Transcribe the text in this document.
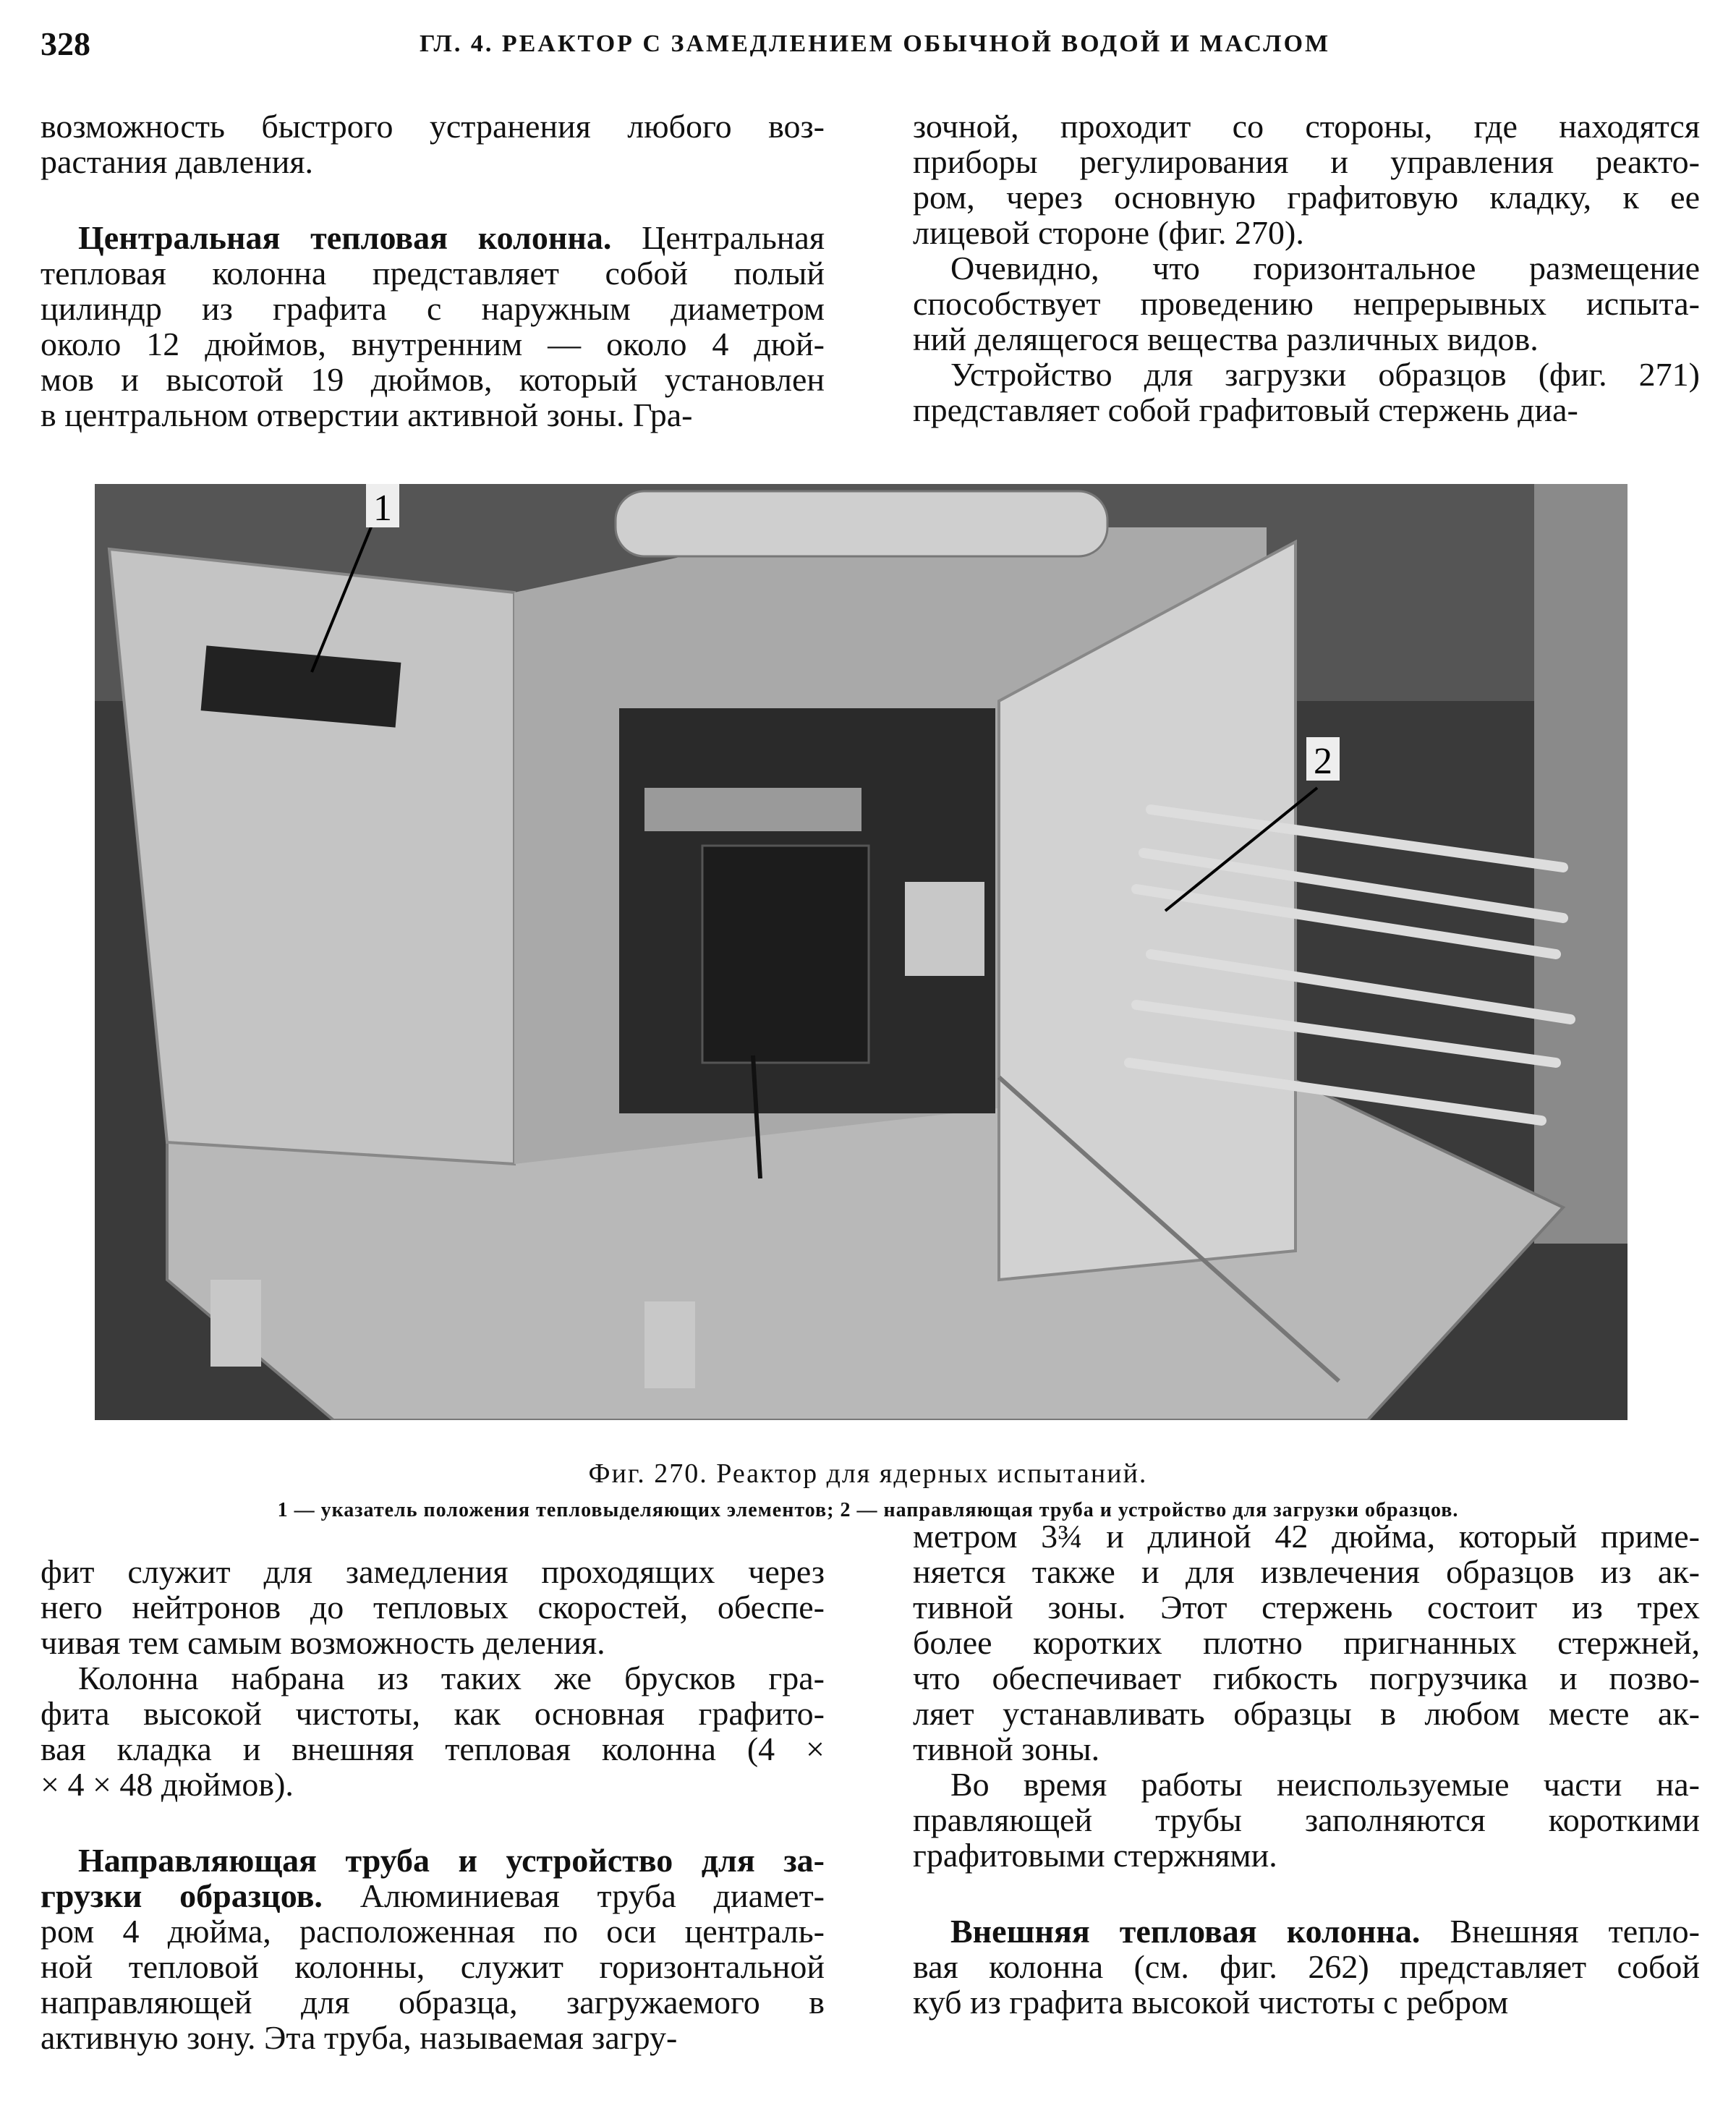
328	ГЛ. 4. РЕАКТОР С ЗАМЕДЛЕНИЕМ ОБЫЧНОЙ ВОДОЙ И МАСЛОМ
возможность быстрого устранения любого воз-
растания давления.
Центральная тепловая колонна. Центральная
тепловая колонна представляет собой полый
цилиндр из графита с наружным диаметром
около 12 дюймов, внутренним — около 4 дюй-
мов и высотой 19 дюймов, который установлен
в центральном отверстии активной зоны. Гра-
зочной, проходит со стороны, где находятся
приборы регулирования и управления реакто-
ром, через основную графитовую кладку, к ее
лицевой стороне (фиг. 270).
Очевидно, что горизонтальное размещение
способствует проведению непрерывных испыта-
ний делящегося вещества различных видов.
Устройство для загрузки образцов (фиг. 271)
представляет собой графитовый стержень диа-
1
2
Фиг. 270. Реактор для ядерных испытаний.
1 — указатель положения тепловыделяющих элементов; 2 — направляющая труба и устройство для загрузки образцов.
фит служит для замедления проходящих через
него нейтронов до тепловых скоростей, обеспе-
чивая тем самым возможность деления.
Колонна набрана из таких же брусков гра-
фита высокой чистоты, как основная графито-
вая кладка и внешняя тепловая колонна (4 ×
× 4 × 48 дюймов).
Направляющая труба и устройство для за-
грузки образцов. Алюминиевая труба диамет-
ром 4 дюйма, расположенная по оси централь-
ной тепловой колонны, служит горизонтальной
направляющей для образца, загружаемого в
активную зону. Эта труба, называемая загру-
метром 3¾ и длиной 42 дюйма, который приме-
няется также и для извлечения образцов из ак-
тивной зоны. Этот стержень состоит из трех
более коротких плотно пригнанных стержней,
что обеспечивает гибкость погрузчика и позво-
ляет устанавливать образцы в любом месте ак-
тивной зоны.
Во время работы неиспользуемые части на-
правляющей трубы заполняются короткими
графитовыми стержнями.
Внешняя тепловая колонна. Внешняя тепло-
вая колонна (см. фиг. 262) представляет собой
куб из графита высокой чистоты с ребром
